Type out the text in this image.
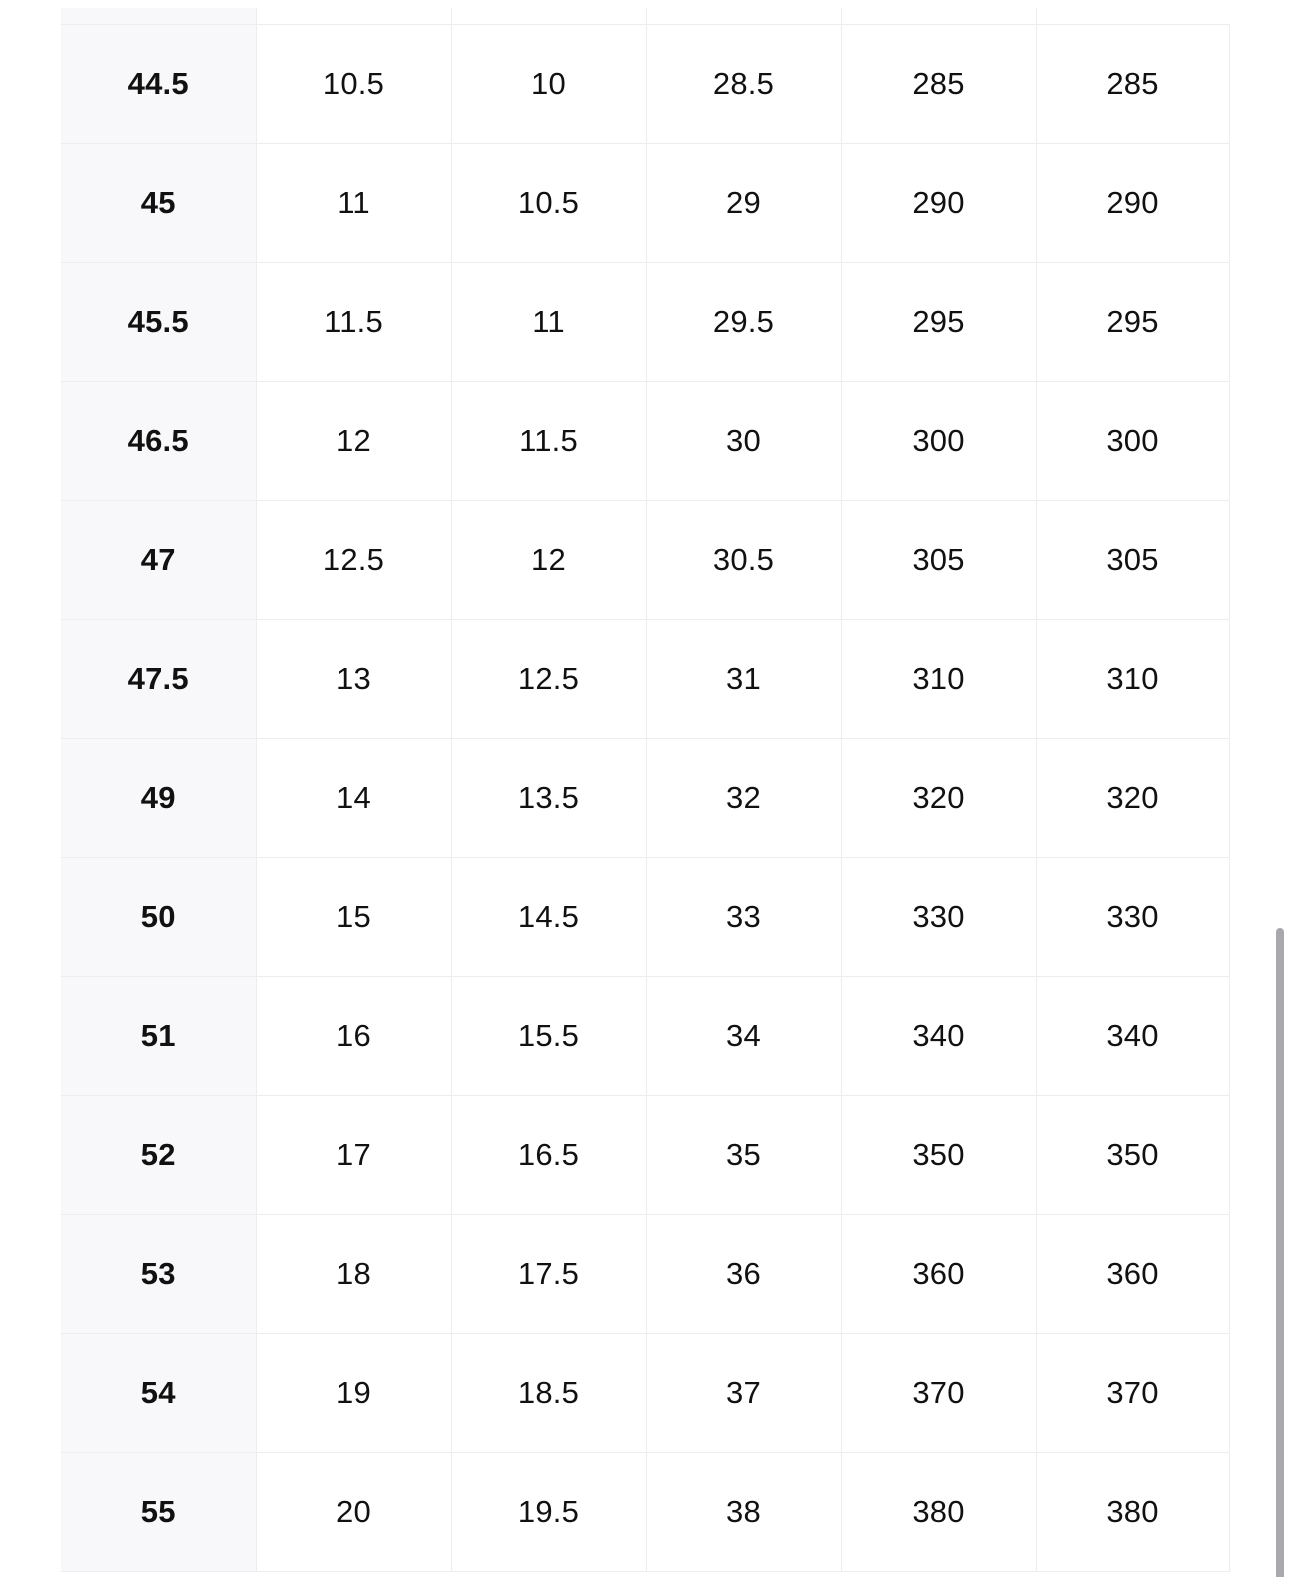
44.5	10.5	10	28.5	285	285
45	11	10.5	29	290	290
45.5	11.5	11	29.5	295	295
46.5	12	11.5	30	300	300
47	12.5	12	30.5	305	305
47.5	13	12.5	31	310	310
49	14	13.5	32	320	320
50	15	14.5	33	330	330
51	16	15.5	34	340	340
52	17	16.5	35	350	350
53	18	17.5	36	360	360
54	19	18.5	37	370	370
55	20	19.5	38	380	380
